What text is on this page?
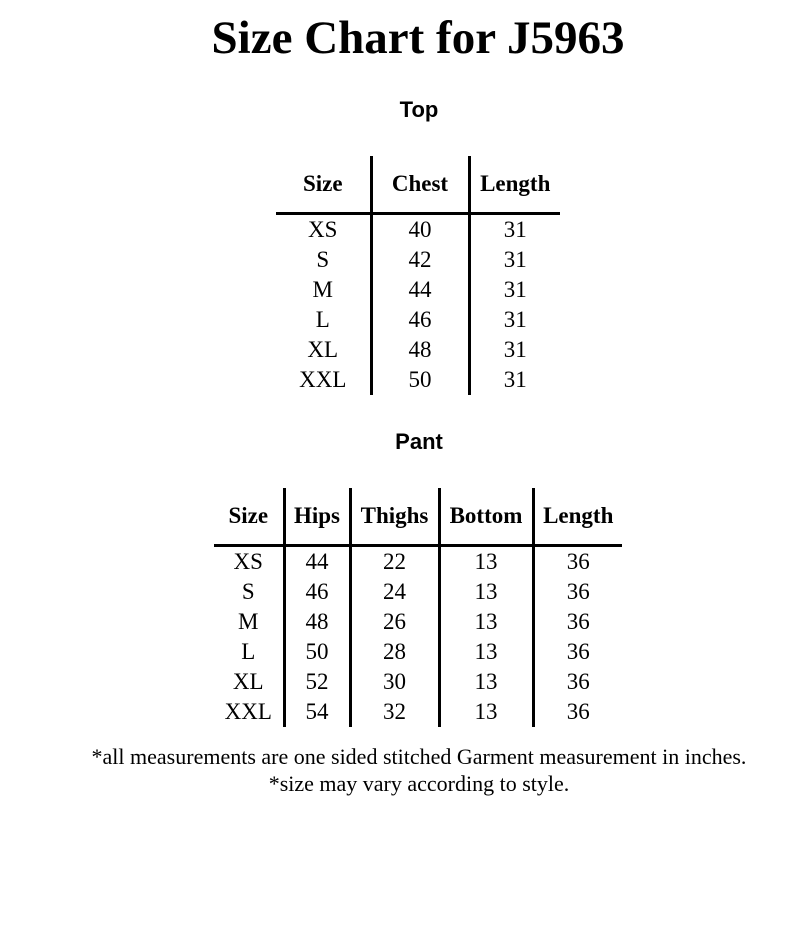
Size Chart for J5963
Top
Size	Chest	Length
XS	40	31
S	42	31
M	44	31
L	46	31
XL	48	31
XXL	50	31
Pant
Size	Hips	Thighs	Bottom	Length
XS	44	22	13	36
S	46	24	13	36
M	48	26	13	36
L	50	28	13	36
XL	52	30	13	36
XXL	54	32	13	36

*all measurements are one sided stitched Garment measurement in inches.

*size may vary according to style.
